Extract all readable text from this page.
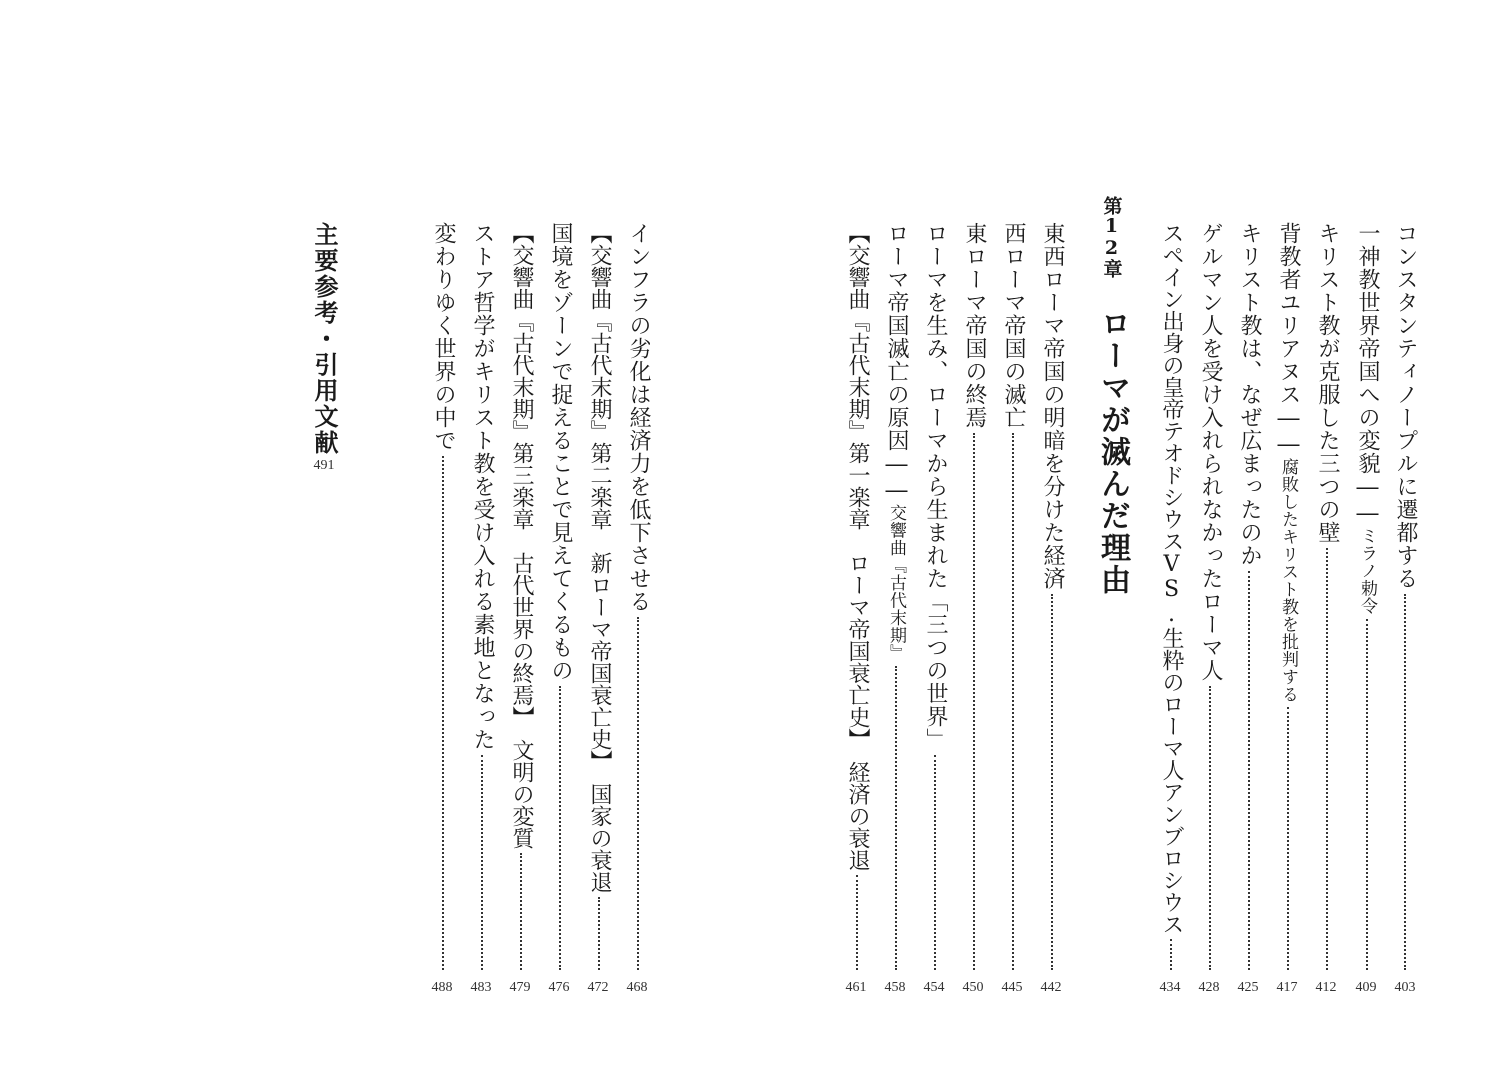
コンスタンティノープルに遷都する
403
一神教世界帝国への変貌――
ミラノ勅令
409
キリスト教が克服した三つの壁
412
背教者ユリアヌス――
腐敗したキリスト教を批判する
417
キリスト教は、なぜ広まったのか
425
ゲルマン人を受け入れられなかったローマ人
428
スペイン出身の皇帝テオドシウスVS.生粋のローマ人アンブロシウス
434
第12章
ローマが滅んだ理由
東西ローマ帝国の明暗を分けた経済
442
西ローマ帝国の滅亡
445
東ローマ帝国の終焉
450
ローマを生み、ローマから生まれた「三つの世界」
454
ローマ帝国滅亡の原因――
交響曲『古代末期』
458
【交響曲『古代末期』第一楽章　ローマ帝国衰亡史】　経済の衰退
461
インフラの劣化は経済力を低下させる
468
【交響曲『古代末期』第二楽章　新ローマ帝国衰亡史】　国家の衰退
472
国境をゾーンで捉えることで見えてくるもの
476
【交響曲『古代末期』第三楽章　古代世界の終焉】　文明の変質
479
ストア哲学がキリスト教を受け入れる素地となった
483
変わりゆく世界の中で
488
主要参考・引用文献
491
